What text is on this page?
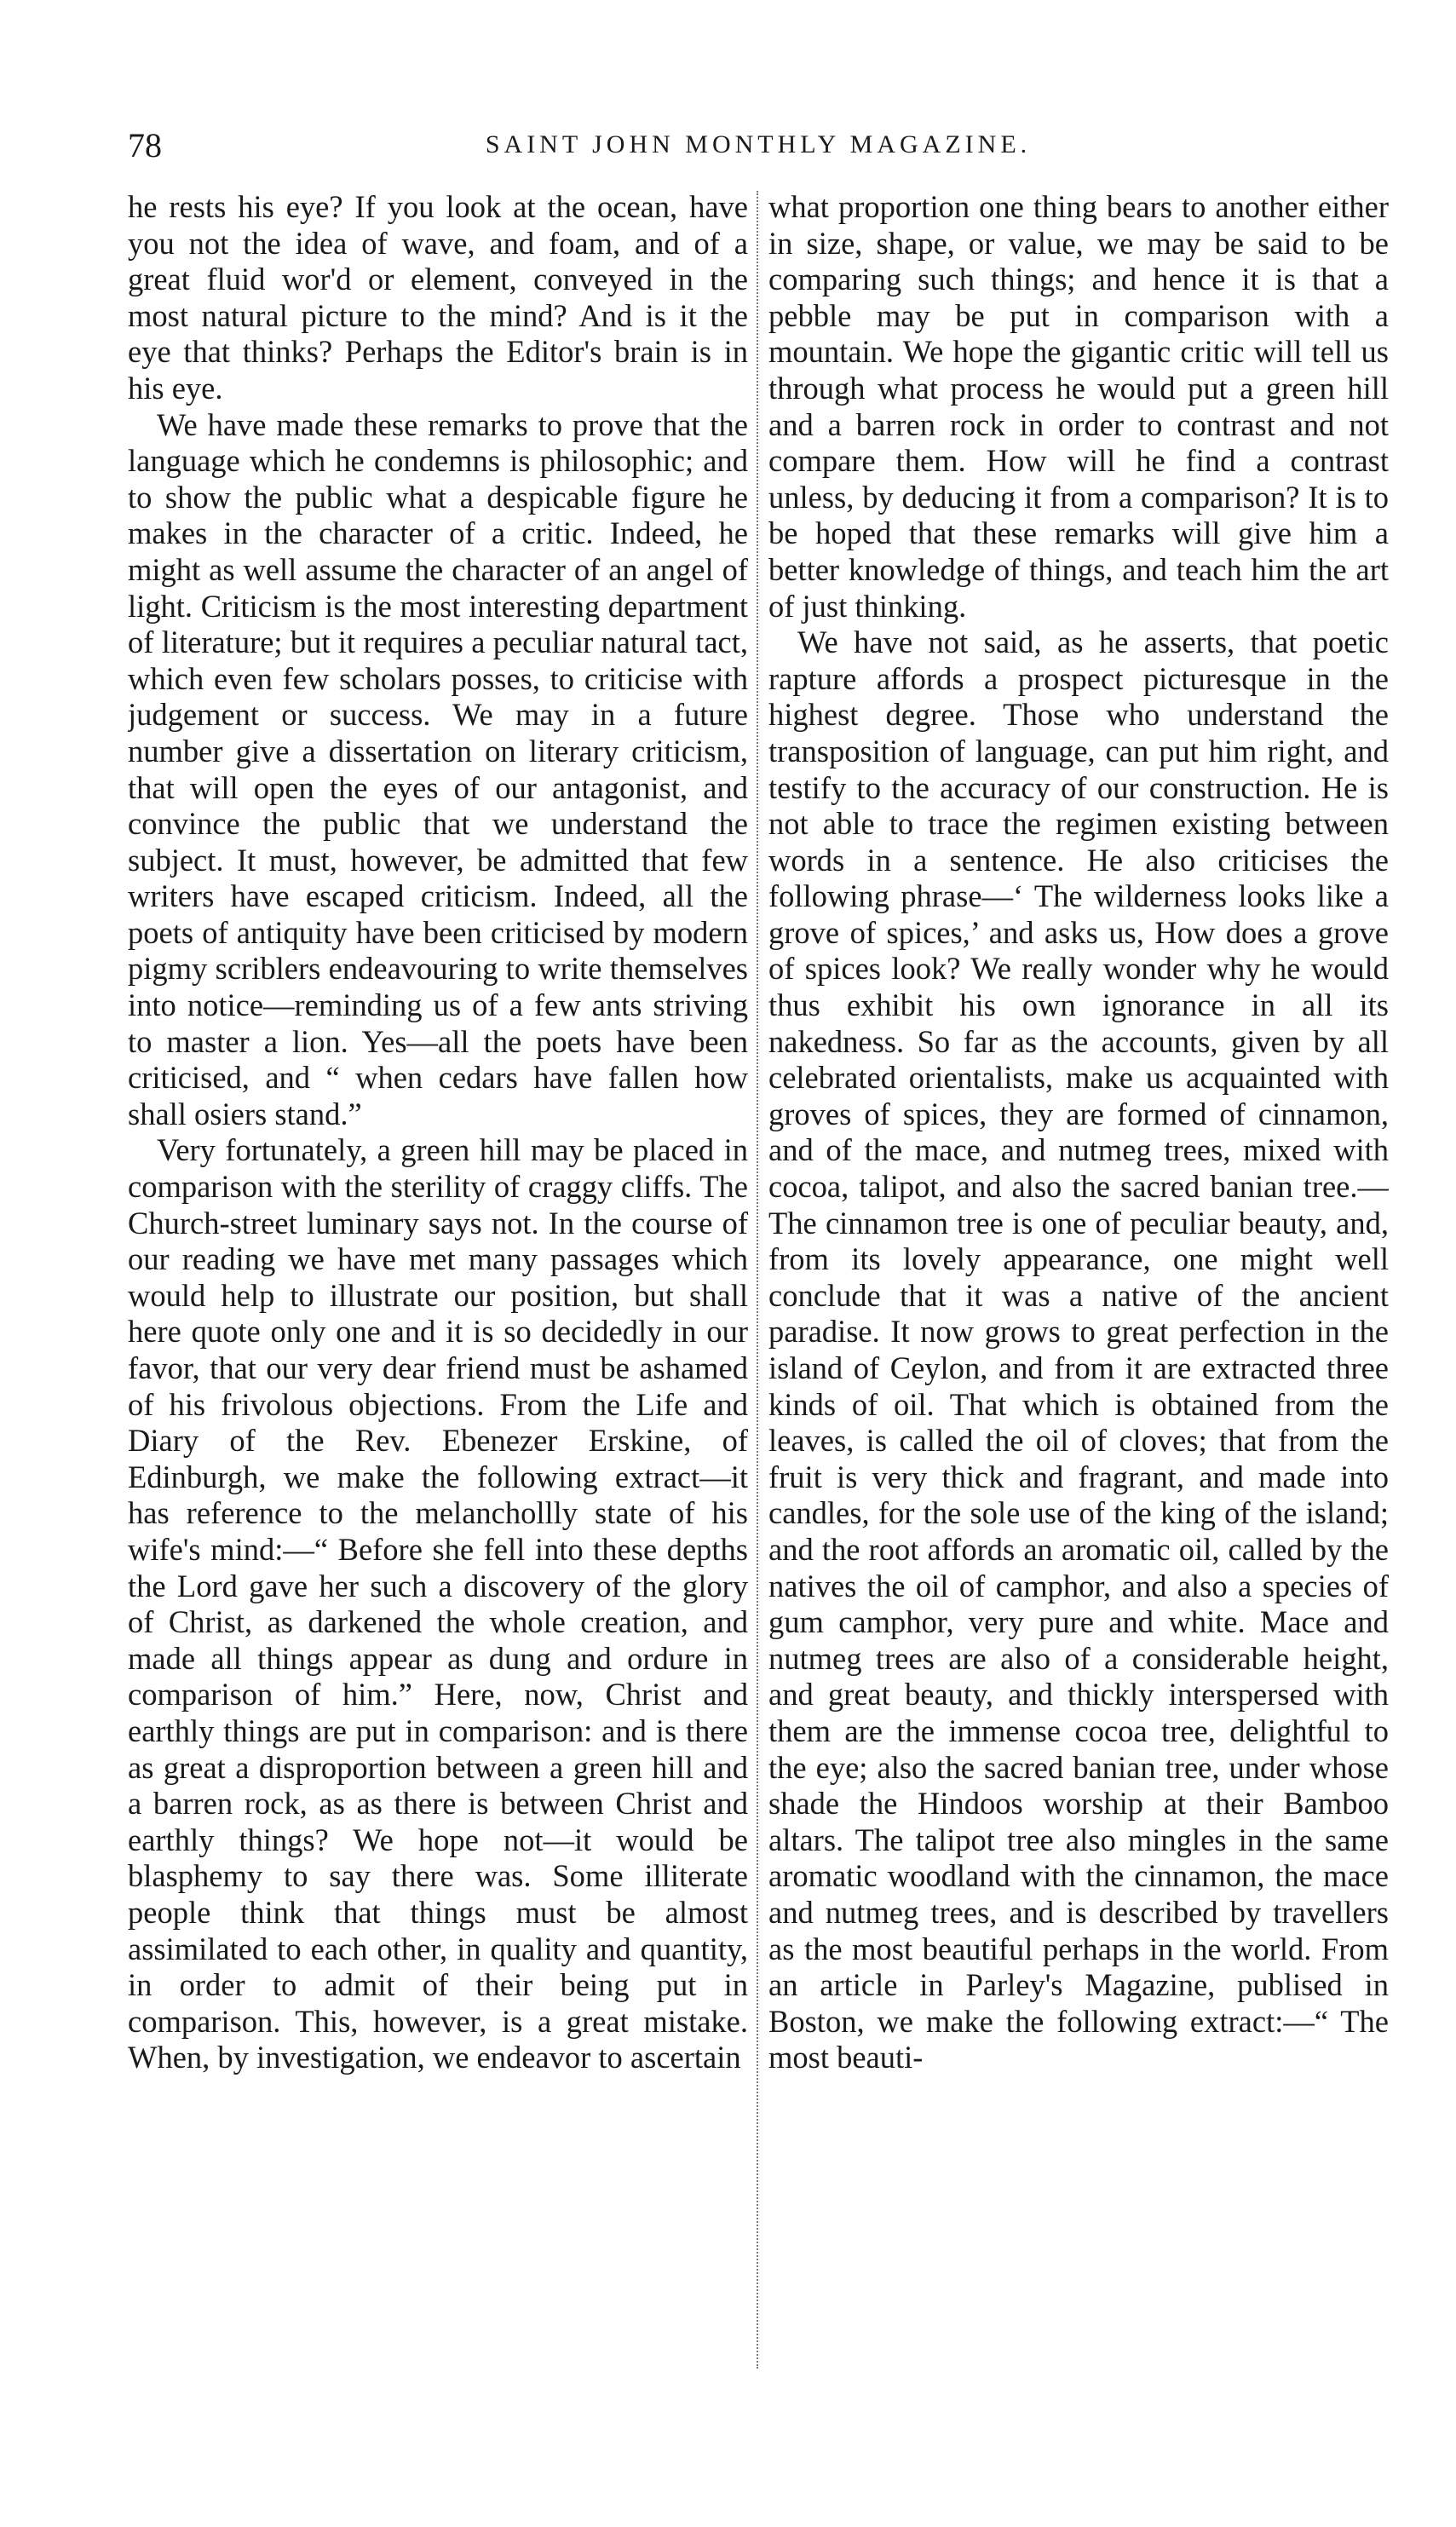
78	SAINT JOHN MONTHLY MAGAZINE.

he rests his eye? If you look at the ocean, have you not the idea of wave, and foam, and of a great fluid wor'd or element, conveyed in the most natural picture to the mind? And is it the eye that thinks? Perhaps the Editor's brain is in his eye.

We have made these remarks to prove that the language which he condemns is philosophic; and to show the public what a despicable figure he makes in the character of a critic. Indeed, he might as well assume the character of an angel of light. Criticism is the most interesting department of literature; but it requires a peculiar natural tact, which even few scholars posses, to criticise with judgement or success. We may in a future number give a dissertation on literary criticism, that will open the eyes of our antagonist, and convince the public that we understand the subject. It must, however, be admitted that few writers have escaped criticism. Indeed, all the poets of antiquity have been criticised by modern pigmy scriblers endeavouring to write themselves into notice—reminding us of a few ants striving to master a lion. Yes—all the poets have been criticised, and “ when cedars have fallen how shall osiers stand.”

Very fortunately, a green hill may be placed in comparison with the sterility of craggy cliffs. The Church-street luminary says not. In the course of our reading we have met many passages which would help to illustrate our position, but shall here quote only one and it is so decidedly in our favor, that our very dear friend must be ashamed of his frivolous objections. From the Life and Diary of the Rev. Ebenezer Erskine, of Edinburgh, we make the following extract—it has reference to the melanchollly state of his wife's mind:—“ Before she fell into these depths the Lord gave her such a discovery of the glory of Christ, as darkened the whole creation, and made all things appear as dung and ordure in comparison of him.” Here, now, Christ and earthly things are put in comparison: and is there as great a disproportion between a green hill and a barren rock, as as there is between Christ and earthly things? We hope not—it would be blasphemy to say there was. Some illiterate people think that things must be almost assimilated to each other, in quality and quantity, in order to admit of their being put in comparison. This, however, is a great mistake. When, by investigation, we endeavor to ascertain

what proportion one thing bears to another either in size, shape, or value, we may be said to be comparing such things; and hence it is that a pebble may be put in comparison with a mountain. We hope the gigantic critic will tell us through what process he would put a green hill and a barren rock in order to contrast and not compare them. How will he find a contrast unless, by deducing it from a comparison? It is to be hoped that these remarks will give him a better knowledge of things, and teach him the art of just thinking.

We have not said, as he asserts, that poetic rapture affords a prospect picturesque in the highest degree. Those who understand the transposition of language, can put him right, and testify to the accuracy of our construction. He is not able to trace the regimen existing between words in a sentence. He also criticises the following phrase—‘ The wilderness looks like a grove of spices,’ and asks us, How does a grove of spices look? We really wonder why he would thus exhibit his own ignorance in all its nakedness. So far as the accounts, given by all celebrated orientalists, make us acquainted with groves of spices, they are formed of cinnamon, and of the mace, and nutmeg trees, mixed with cocoa, talipot, and also the sacred banian tree.—The cinnamon tree is one of peculiar beauty, and, from its lovely appearance, one might well conclude that it was a native of the ancient paradise. It now grows to great perfection in the island of Ceylon, and from it are extracted three kinds of oil. That which is obtained from the leaves, is called the oil of cloves; that from the fruit is very thick and fragrant, and made into candles, for the sole use of the king of the island; and the root affords an aromatic oil, called by the natives the oil of camphor, and also a species of gum camphor, very pure and white. Mace and nutmeg trees are also of a considerable height, and great beauty, and thickly interspersed with them are the immense cocoa tree, delightful to the eye; also the sacred banian tree, under whose shade the Hindoos worship at their Bamboo altars. The talipot tree also mingles in the same aromatic woodland with the cinnamon, the mace and nutmeg trees, and is described by travellers as the most beautiful perhaps in the world. From an article in Parley's Magazine, publised in Boston, we make the following extract:—“ The most beauti-
